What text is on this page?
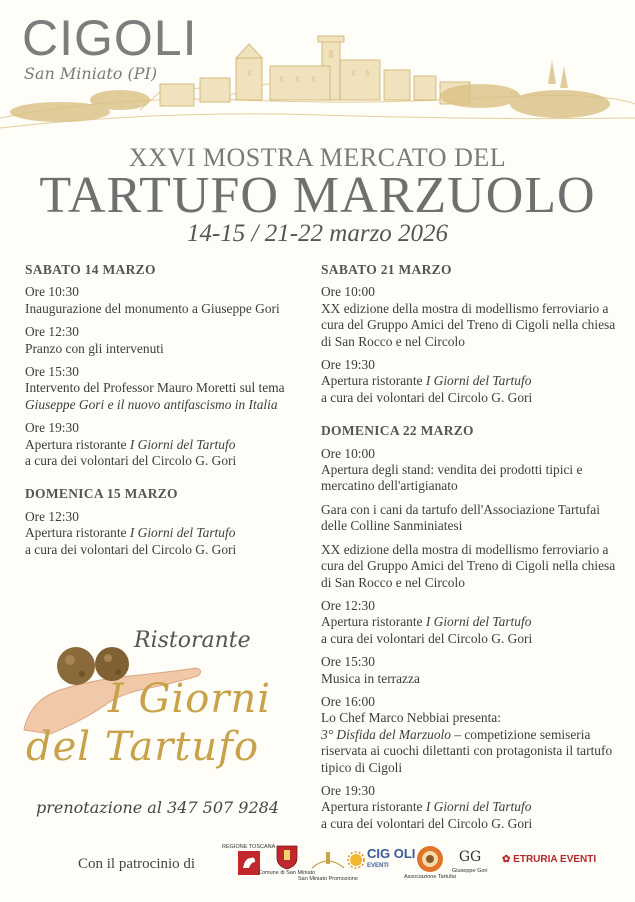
CIGOLI
San Miniato (PI)
XXVI MOSTRA MERCATO DEL
TARTUFO MARZUOLO
14-15 / 21-22 marzo 2026
SABATO 14 MARZO
Ore 10:30
Inaugurazione del monumento a Giuseppe Gori
Ore 12:30
Pranzo con gli intervenuti
Ore 15:30
Intervento del Professor Mauro Moretti sul tema Giuseppe Gori e il nuovo antifascismo in Italia
Ore 19:30
Apertura ristorante I Giorni del Tartufo
a cura dei volontari del Circolo G. Gori
DOMENICA 15 MARZO
Ore 12:30
Apertura ristorante I Giorni del Tartufo
a cura dei volontari del Circolo G. Gori
SABATO 21 MARZO
Ore 10:00
XX edizione della mostra di modellismo ferroviario a cura del Gruppo Amici del Treno di Cigoli nella chiesa di San Rocco e nel Circolo
Ore 19:30
Apertura ristorante I Giorni del Tartufo
a cura dei volontari del Circolo G. Gori
DOMENICA 22 MARZO
Ore 10:00
Apertura degli stand: vendita dei prodotti tipici e mercatino dell'artigianato
Gara con i cani da tartufo dell'Associazione Tartufai delle Colline Sanminiatesi
XX edizione della mostra di modellismo ferroviario a cura del Gruppo Amici del Treno di Cigoli nella chiesa di San Rocco e nel Circolo
Ore 12:30
Apertura ristorante I Giorni del Tartufo
a cura dei volontari del Circolo G. Gori
Ore 15:30
Musica in terrazza
Ore 16:00
Lo Chef Marco Nebbiai presenta:
3° Disfida del Marzuolo – competizione semiseria riservata ai cuochi dilettanti con protagonista il tartufo tipico di Cigoli
Ore 19:30
Apertura ristorante I Giorni del Tartufo
a cura dei volontari del Circolo G. Gori
Ristorante
I Giorni
del Tartufo
prenotazione al 347 507 9284
Con il patrocinio di
REGIONE TOSCANA
Comune di San Miniato
San Miniato Promozione
CIG OLI
EVENTI
Associazione Tartufai
GG
Giuseppe Gori
✿ ETRURIA EVENTI
